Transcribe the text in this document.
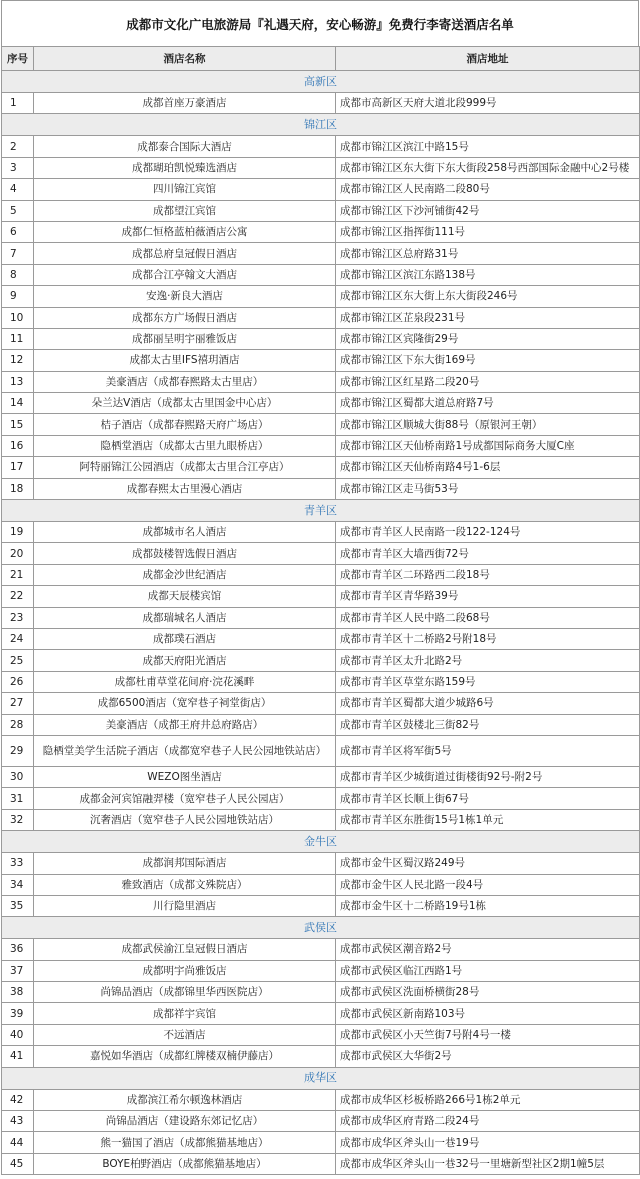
成都市文化广电旅游局『礼遇天府，安心畅游』免费行李寄送酒店名单
序号	酒店名称	酒店地址
高新区		
1	成都首座万豪酒店	成都市高新区天府大道北段999号
锦江区		
2	成都泰合国际大酒店	成都市锦江区滨江中路15号
3	成都瑚珀凯悦臻选酒店	成都市锦江区东大街下东大街段258号西部国际金融中心2号楼
4	四川锦江宾馆	成都市锦江区人民南路二段80号
5	成都望江宾馆	成都市锦江区下沙河铺街42号
6	成都仁恒格蓝柏薇酒店公寓	成都市锦江区指挥街111号
7	成都总府皇冠假日酒店	成都市锦江区总府路31号
8	成都合江亭翰文大酒店	成都市锦江区滨江东路138号
9	安逸·新良大酒店	成都市锦江区东大街上东大街段246号
10	成都东方广场假日酒店	成都市锦江区芷泉段231号
11	成都丽呈明宇丽雅饭店	成都市锦江区宾隆街29号
12	成都太古里IFS禧玥酒店	成都市锦江区下东大街169号
13	美豪酒店（成都春熙路太古里店）	成都市锦江区红星路二段20号
14	朵兰达V酒店（成都太古里国金中心店）	成都市锦江区蜀都大道总府路7号
15	桔子酒店（成都春熙路天府广场店）	成都市锦江区顺城大街88号（原银河王朝）
16	隐栖堂酒店（成都太古里九眼桥店）	成都市锦江区天仙桥南路1号成都国际商务大厦C座
17	阿特丽锦江公园酒店（成都太古里合江亭店）	成都市锦江区天仙桥南路4号1-6层
18	成都春熙太古里漫心酒店	成都市锦江区走马街53号
青羊区		
19	成都城市名人酒店	成都市青羊区人民南路一段122-124号
20	成都鼓楼智选假日酒店	成都市青羊区大墙西街72号
21	成都金沙世纪酒店	成都市青羊区二环路西二段18号
22	成都天辰楼宾馆	成都市青羊区青华路39号
23	成都瑞城名人酒店	成都市青羊区人民中路二段68号
24	成都璞石酒店	成都市青羊区十二桥路2号附18号
25	成都天府阳光酒店	成都市青羊区太升北路2号
26	成都杜甫草堂花间府·浣花溪畔	成都市青羊区草堂东路159号
27	成都6500酒店（宽窄巷子祠堂街店）	成都市青羊区蜀都大道少城路6号
28	美豪酒店（成都王府井总府路店）	成都市青羊区鼓楼北三街82号
29	隐栖堂美学生活院子酒店（成都宽窄巷子人民公园地铁站店）	成都市青羊区将军街5号
30	WEZO图坐酒店	成都市青羊区少城街道过街楼街92号-附2号
31	成都金河宾馆融羿楼（宽窄巷子人民公园店）	成都市青羊区长顺上街67号
32	沉奢酒店（宽窄巷子人民公园地铁站店）	成都市青羊区东胜街15号1栋1单元
金牛区		
33	成都润邦国际酒店	成都市金牛区蜀汉路249号
34	雅致酒店（成都文殊院店）	成都市金牛区人民北路一段4号
35	川行隐里酒店	成都市金牛区十二桥路19号1栋
武侯区		
36	成都武侯渝江皇冠假日酒店	成都市武侯区潮音路2号
37	成都明宇尚雅饭店	成都市武侯区临江西路1号
38	尚锦品酒店（成都锦里华西医院店）	成都市武侯区洗面桥横街28号
39	成都祥宇宾馆	成都市武侯区新南路103号
40	不远酒店	成都市武侯区小天竺街7号附4号一楼
41	嘉悦如华酒店（成都红牌楼双楠伊藤店）	成都市武侯区大华街2号
成华区		
42	成都滨江希尔顿逸林酒店	成都市成华区杉板桥路266号1栋2单元
43	尚锦品酒店（建设路东郊记忆店）	成都市成华区府青路二段24号
44	熊一猫国了酒店（成都熊猫基地店）	成都市成华区斧头山一巷19号
45	BOYE柏野酒店（成都熊猫基地店）	成都市成华区斧头山一巷32号一里塘新型社区2期1幢5层
